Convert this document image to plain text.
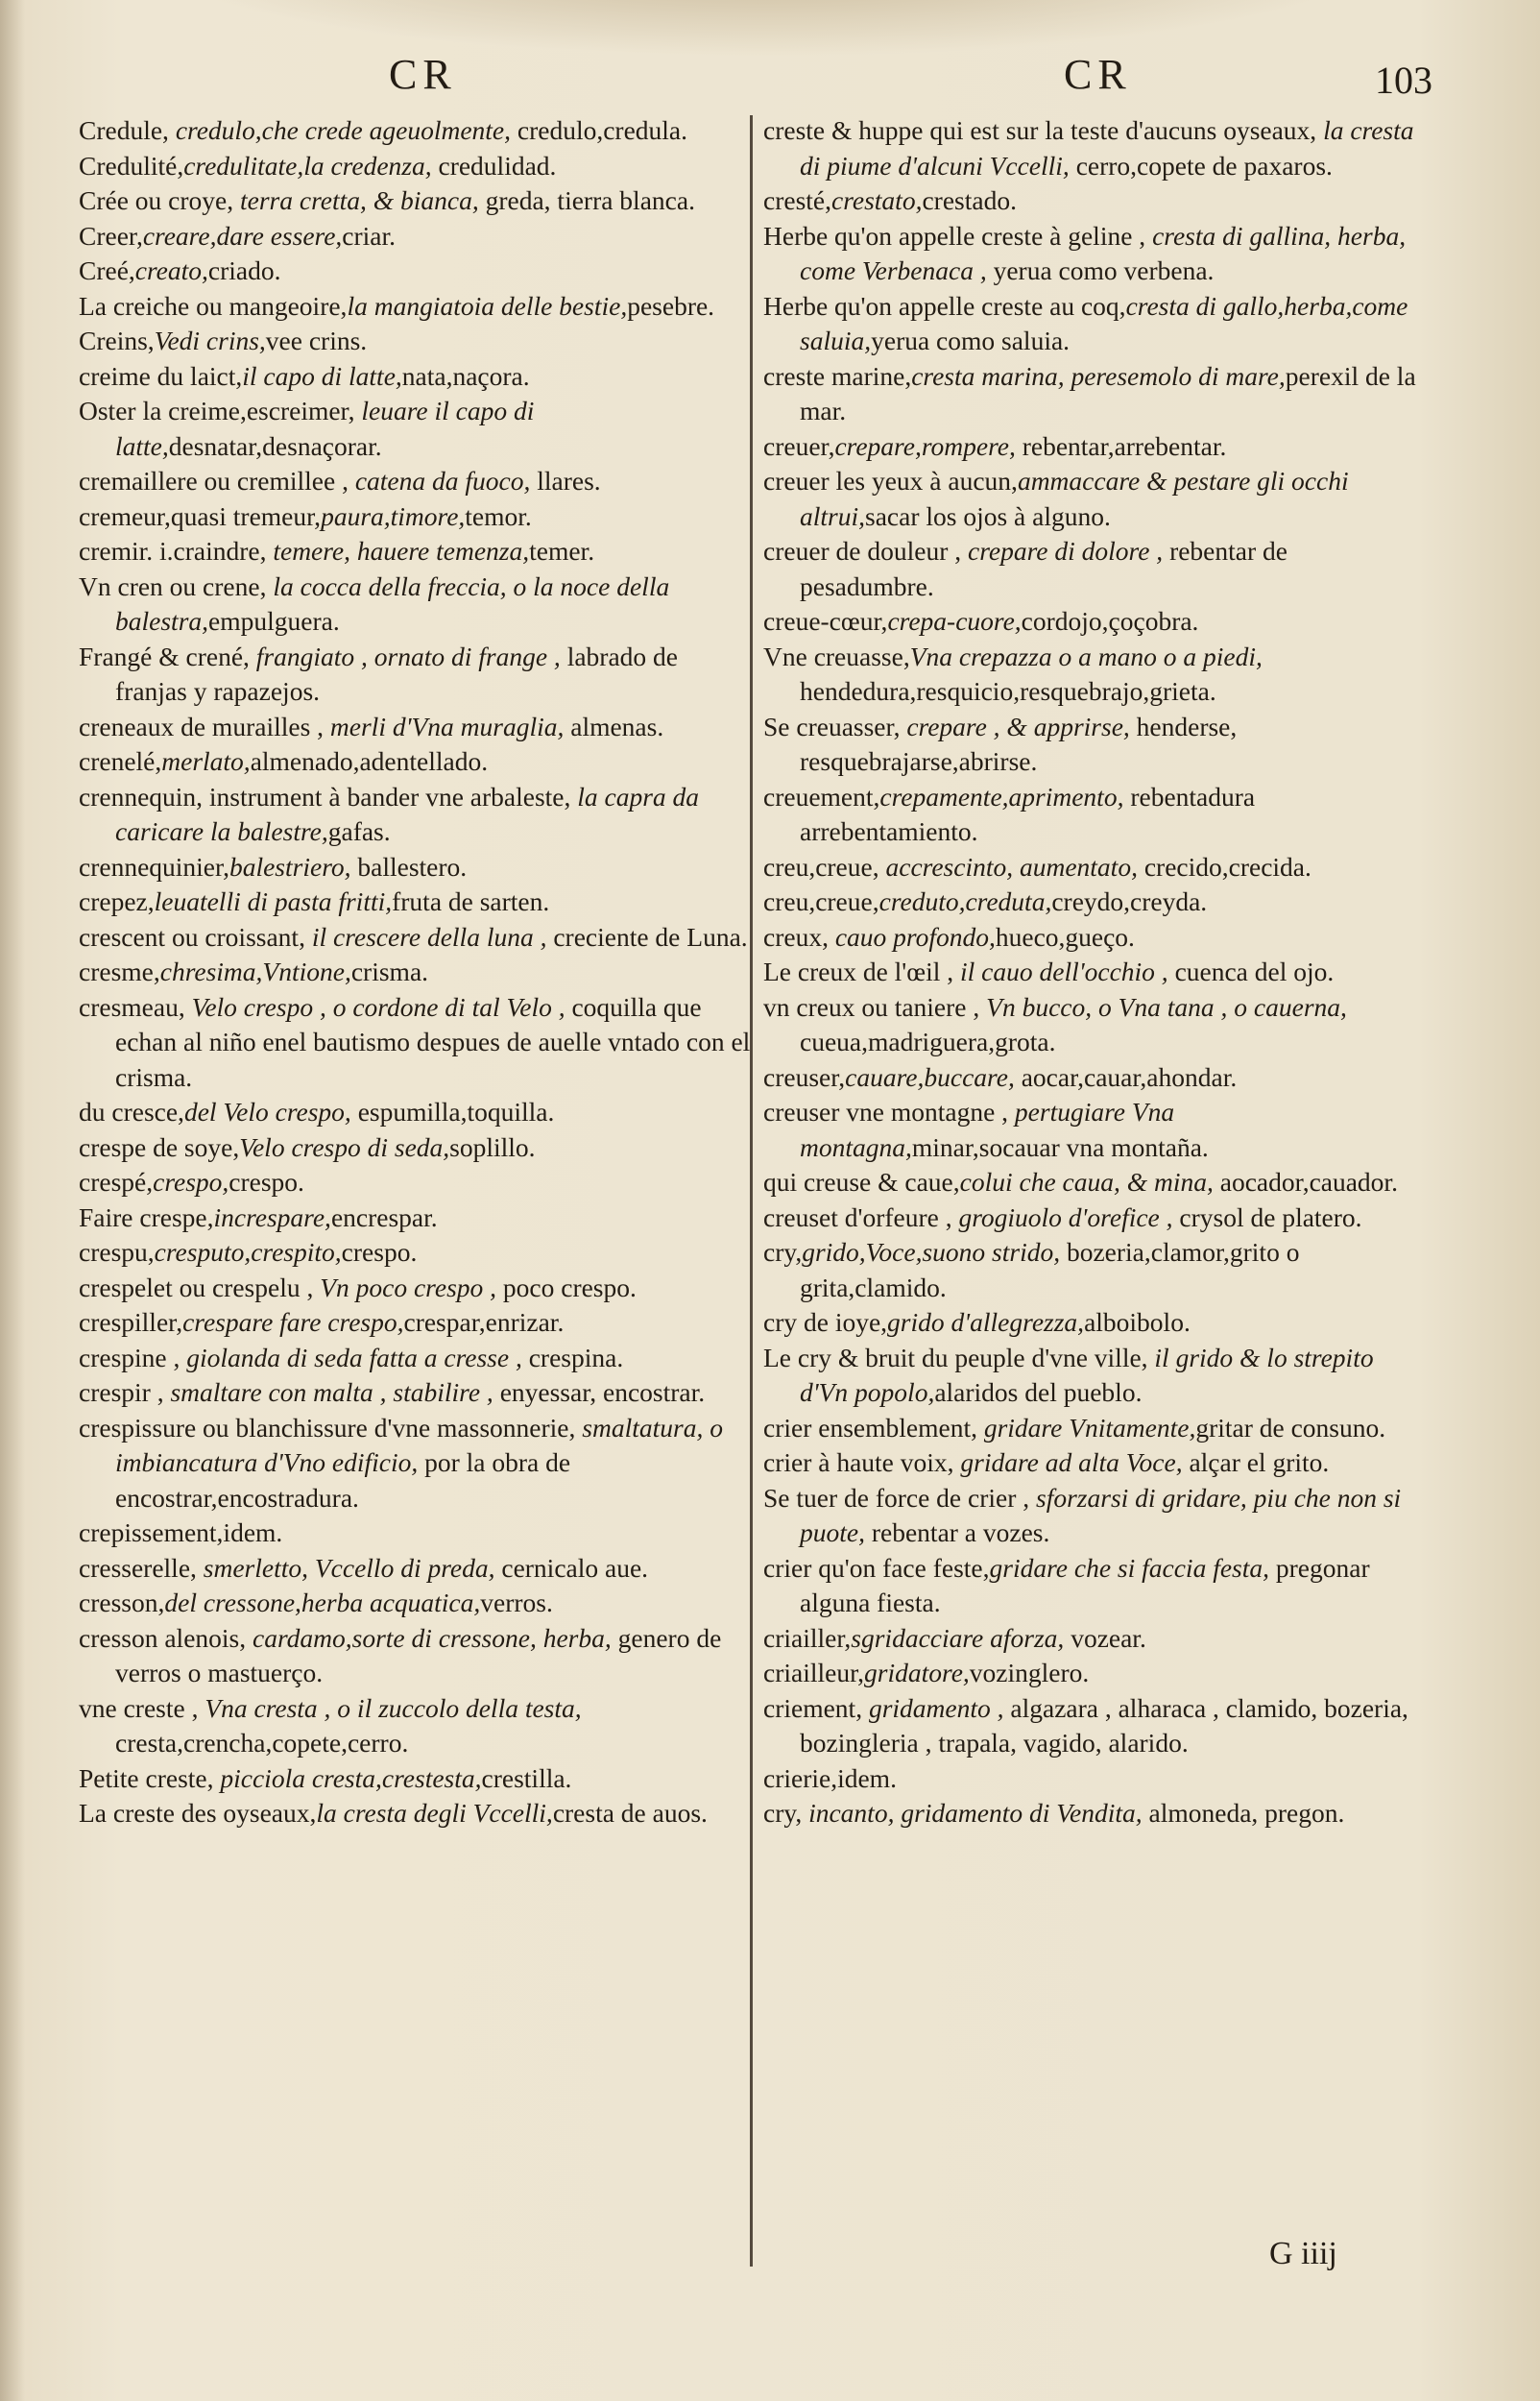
CR	CR	103
Credule, credulo,che crede ageuolmente, credulo,credula.
Credulité,credulitate,la credenza, credulidad.
Crée ou croye, terra cretta, & bianca, greda, tierra blanca.
Creer,creare,dare essere,criar.
Creé,creato,criado.
La creiche ou mangeoire,la mangiatoia delle bestie,pesebre.
Creins,Vedi crins,vee crins.
creime du laict,il capo di latte,nata,naçora.
Oster la creime,escreimer, leuare il capo di latte,desnatar,desnaçorar.
cremaillere ou cremillee , catena da fuoco, llares.
cremeur,quasi tremeur,paura,timore,temor.
cremir. i.craindre, temere, hauere temenza,temer.
Vn cren ou crene, la cocca della freccia, o la noce della balestra,empulguera.
Frangé & crené, frangiato , ornato di frange , labrado de franjas y rapazejos.
creneaux de murailles , merli d'Vna muraglia, almenas.
crenelé,merlato,almenado,adentellado.
crennequin, instrument à bander vne arbaleste, la capra da caricare la balestre,gafas.
crennequinier,balestriero, ballestero.
crepez,leuatelli di pasta fritti,fruta de sarten.
crescent ou croissant, il crescere della luna , creciente de Luna.
cresme,chresima,Vntione,crisma.
cresmeau, Velo crespo , o cordone di tal Velo , coquilla que echan al niño enel bautismo despues de auelle vntado con el crisma.
du cresce,del Velo crespo, espumilla,toquilla.
crespe de soye,Velo crespo di seda,soplillo.
crespé,crespo,crespo.
Faire crespe,increspare,encrespar.
crespu,cresputo,crespito,crespo.
crespelet ou crespelu , Vn poco crespo , poco crespo.
crespiller,crespare fare crespo,crespar,enrizar.
crespine , giolanda di seda fatta a cresse , crespina.
crespir , smaltare con malta , stabilire , enyessar, encostrar.
crespissure ou blanchissure d'vne massonnerie, smaltatura, o imbiancatura d'Vno edificio, por la obra de encostrar,encostradura.
crepissement,idem.
cresserelle, smerletto, Vccello di preda, cernicalo aue.
cresson,del cressone,herba acquatica,verros.
cresson alenois, cardamo,sorte di cressone, herba, genero de verros o mastuerço.
vne creste , Vna cresta , o il zuccolo della testa, cresta,crencha,copete,cerro.
Petite creste, picciola cresta,crestesta,crestilla.
La creste des oyseaux,la cresta degli Vccelli,cresta de auos.
creste & huppe qui est sur la teste d'aucuns oyseaux, la cresta di piume d'alcuni Vccelli, cerro,copete de paxaros.
cresté,crestato,crestado.
Herbe qu'on appelle creste à geline , cresta di gallina, herba, come Verbenaca , yerua como verbena.
Herbe qu'on appelle creste au coq,cresta di gallo,herba,come saluia,yerua como saluia.
creste marine,cresta marina, peresemolo di mare,perexil de la mar.
creuer,crepare,rompere, rebentar,arrebentar.
creuer les yeux à aucun,ammaccare & pestare gli occhi altrui,sacar los ojos à alguno.
creuer de douleur , crepare di dolore , rebentar de pesadumbre.
creue-cœur,crepa-cuore,cordojo,çoçobra.
Vne creuasse,Vna crepazza o a mano o a piedi, hendedura,resquicio,resquebrajo,grieta.
Se creuasser, crepare , & apprirse, henderse, resquebrajarse,abrirse.
creuement,crepamente,aprimento, rebentadura arrebentamiento.
creu,creue, accrescinto, aumentato, crecido,crecida.
creu,creue,creduto,creduta,creydo,creyda.
creux, cauo profondo,hueco,gueço.
Le creux de l'œil , il cauo dell'occhio , cuenca del ojo.
vn creux ou taniere , Vn bucco, o Vna tana , o cauerna, cueua,madriguera,grota.
creuser,cauare,buccare, aocar,cauar,ahondar.
creuser vne montagne , pertugiare Vna montagna,minar,socauar vna montaña.
qui creuse & caue,colui che caua, & mina, aocador,cauador.
creuset d'orfeure , grogiuolo d'orefice , crysol de platero.
cry,grido,Voce,suono strido, bozeria,clamor,grito o grita,clamido.
cry de ioye,grido d'allegrezza,alboibolo.
Le cry & bruit du peuple d'vne ville, il grido & lo strepito d'Vn popolo,alaridos del pueblo.
crier ensemblement, gridare Vnitamente,gritar de consuno.
crier à haute voix, gridare ad alta Voce, alçar el grito.
Se tuer de force de crier , sforzarsi di gridare, piu che non si puote, rebentar a vozes.
crier qu'on face feste,gridare che si faccia festa, pregonar alguna fiesta.
criailler,sgridacciare aforza, vozear.
criailleur,gridatore,vozinglero.
criement, gridamento , algazara , alharaca , clamido, bozeria, bozingleria , trapala, vagido, alarido.
crierie,idem.
cry, incanto, gridamento di Vendita, almoneda, pregon.
G iiij
